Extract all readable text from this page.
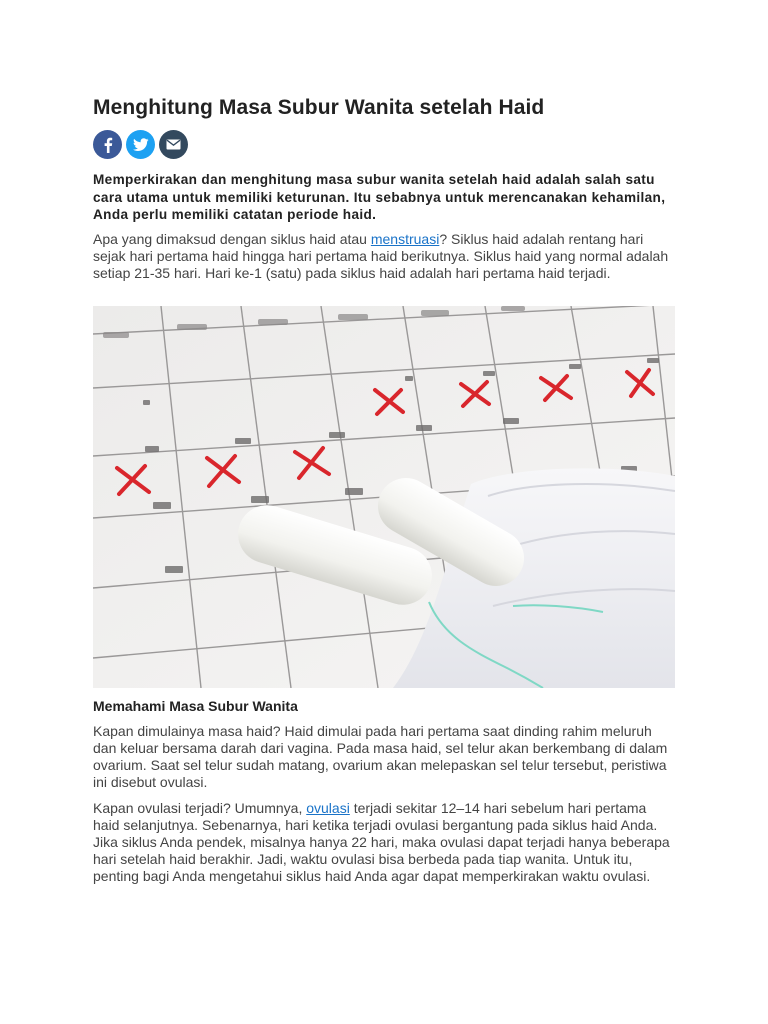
Menghitung Masa Subur Wanita setelah Haid

Memperkirakan dan menghitung masa subur wanita setelah haid adalah salah satu cara utama untuk memiliki keturunan. Itu sebabnya untuk merencanakan kehamilan, Anda perlu memiliki catatan periode haid.

Apa yang dimaksud dengan siklus haid atau menstruasi? Siklus haid adalah rentang hari sejak hari pertama haid hingga hari pertama haid berikutnya. Siklus haid yang normal adalah setiap 21-35 hari. Hari ke-1 (satu) pada siklus haid adalah hari pertama haid terjadi.

Memahami Masa Subur Wanita

Kapan dimulainya masa haid? Haid dimulai pada hari pertama saat dinding rahim meluruh dan keluar bersama darah dari vagina. Pada masa haid, sel telur akan berkembang di dalam ovarium. Saat sel telur sudah matang, ovarium akan melepaskan sel telur tersebut, peristiwa ini disebut ovulasi.

Kapan ovulasi terjadi? Umumnya, ovulasi terjadi sekitar 12–14 hari sebelum hari pertama haid selanjutnya. Sebenarnya, hari ketika terjadi ovulasi bergantung pada siklus haid Anda. Jika siklus Anda pendek, misalnya hanya 22 hari, maka ovulasi dapat terjadi hanya beberapa hari setelah haid berakhir. Jadi, waktu ovulasi bisa berbeda pada tiap wanita. Untuk itu, penting bagi Anda mengetahui siklus haid Anda agar dapat memperkirakan waktu ovulasi.
